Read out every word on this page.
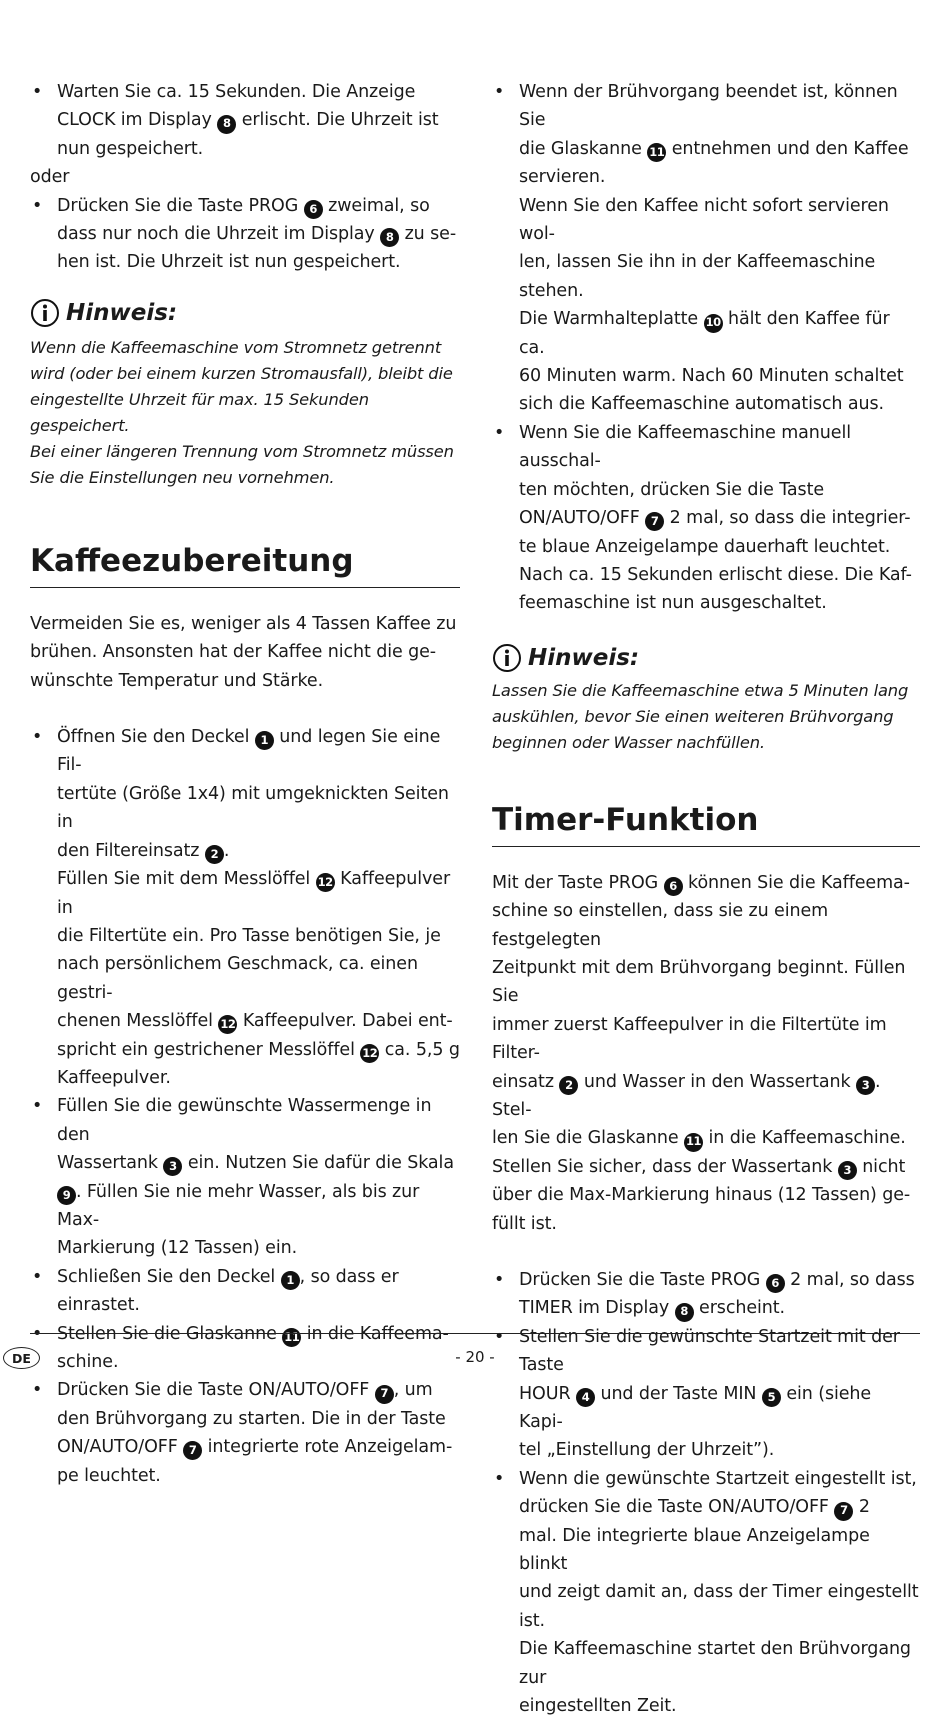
• Warten Sie ca. 15 Sekunden. Die Anzeige
CLOCK im Display 8 erlischt. Die Uhrzeit ist
nun gespeichert.
oder
• Drücken Sie die Taste PROG 6 zweimal, so
dass nur noch die Uhrzeit im Display 8 zu se-
hen ist. Die Uhrzeit ist nun gespeichert.
Hinweis:
Wenn die Kaffeemaschine vom Stromnetz getrennt
wird (oder bei einem kurzen Stromausfall), bleibt die
eingestellte Uhrzeit für max. 15 Sekunden gespeichert.
Bei einer längeren Trennung vom Stromnetz müssen
Sie die Einstellungen neu vornehmen.
Kaffeezubereitung
Vermeiden Sie es, weniger als 4 Tassen Kaffee zu
brühen. Ansonsten hat der Kaffee nicht die ge-
wünschte Temperatur und Stärke.
• Öffnen Sie den Deckel 1 und legen Sie eine Fil-
tertüte (Größe 1x4) mit umgeknickten Seiten in
den Filtereinsatz 2 .
Füllen Sie mit dem Messlöffel 12 Kaffeepulver in
die Filtertüte ein. Pro Tasse benötigen Sie, je
nach persönlichem Geschmack, ca. einen gestri-
chenen Messlöffel 12 Kaffeepulver. Dabei ent-
spricht ein gestrichener Messlöffel 12 ca. 5,5 g
Kaffeepulver.
• Füllen Sie die gewünschte Wassermenge in den
Wassertank 3 ein. Nutzen Sie dafür die Skala
9 . Füllen Sie nie mehr Wasser, als bis zur Max-
Markierung (12 Tassen) ein.
• Schließen Sie den Deckel 1 , so dass er
einrastet.
• Stellen Sie die Glaskanne 11 in die Kaffeema-
schine.
• Drücken Sie die Taste ON/AUTO/OFF 7 , um
den Brühvorgang zu starten. Die in der Taste
ON/AUTO/OFF 7 integrierte rote Anzeigelam-
pe leuchtet.
• Wenn der Brühvorgang beendet ist, können Sie
die Glaskanne 11 entnehmen und den Kaffee
servieren.
Wenn Sie den Kaffee nicht sofort servieren wol-
len, lassen Sie ihn in der Kaffeemaschine stehen.
Die Warmhalteplatte 10 hält den Kaffee für ca.
60 Minuten warm. Nach 60 Minuten schaltet
sich die Kaffeemaschine automatisch aus.
• Wenn Sie die Kaffeemaschine manuell ausschal-
ten möchten, drücken Sie die Taste
ON/AUTO/OFF 7 2 mal, so dass die integrier-
te blaue Anzeigelampe dauerhaft leuchtet.
Nach ca. 15 Sekunden erlischt diese. Die Kaf-
feemaschine ist nun ausgeschaltet.
Hinweis:
Lassen Sie die Kaffeemaschine etwa 5 Minuten lang
auskühlen, bevor Sie einen weiteren Brühvorgang
beginnen oder Wasser nachfüllen.
Timer-Funktion
Mit der Taste PROG 6 können Sie die Kaffeema-
schine so einstellen, dass sie zu einem festgelegten
Zeitpunkt mit dem Brühvorgang beginnt. Füllen Sie
immer zuerst Kaffeepulver in die Filtertüte im Filter-
einsatz 2 und Wasser in den Wassertank 3 . Stel-
len Sie die Glaskanne 11 in die Kaffeemaschine.
Stellen Sie sicher, dass der Wassertank 3 nicht
über die Max-Markierung hinaus (12 Tassen) ge-
füllt ist.
• Drücken Sie die Taste PROG 6 2 mal, so dass
TIMER im Display 8 erscheint.
• Stellen Sie die gewünschte Startzeit mit der Taste
HOUR 4 und der Taste MIN 5 ein (siehe Kapi-
tel „Einstellung der Uhrzeit”).
• Wenn die gewünschte Startzeit eingestellt ist,
drücken Sie die Taste ON/AUTO/OFF 7 2
mal. Die integrierte blaue Anzeigelampe blinkt
und zeigt damit an, dass der Timer eingestellt ist.
Die Kaffeemaschine startet den Brühvorgang zur
eingestellten Zeit.
DE	- 20 -
